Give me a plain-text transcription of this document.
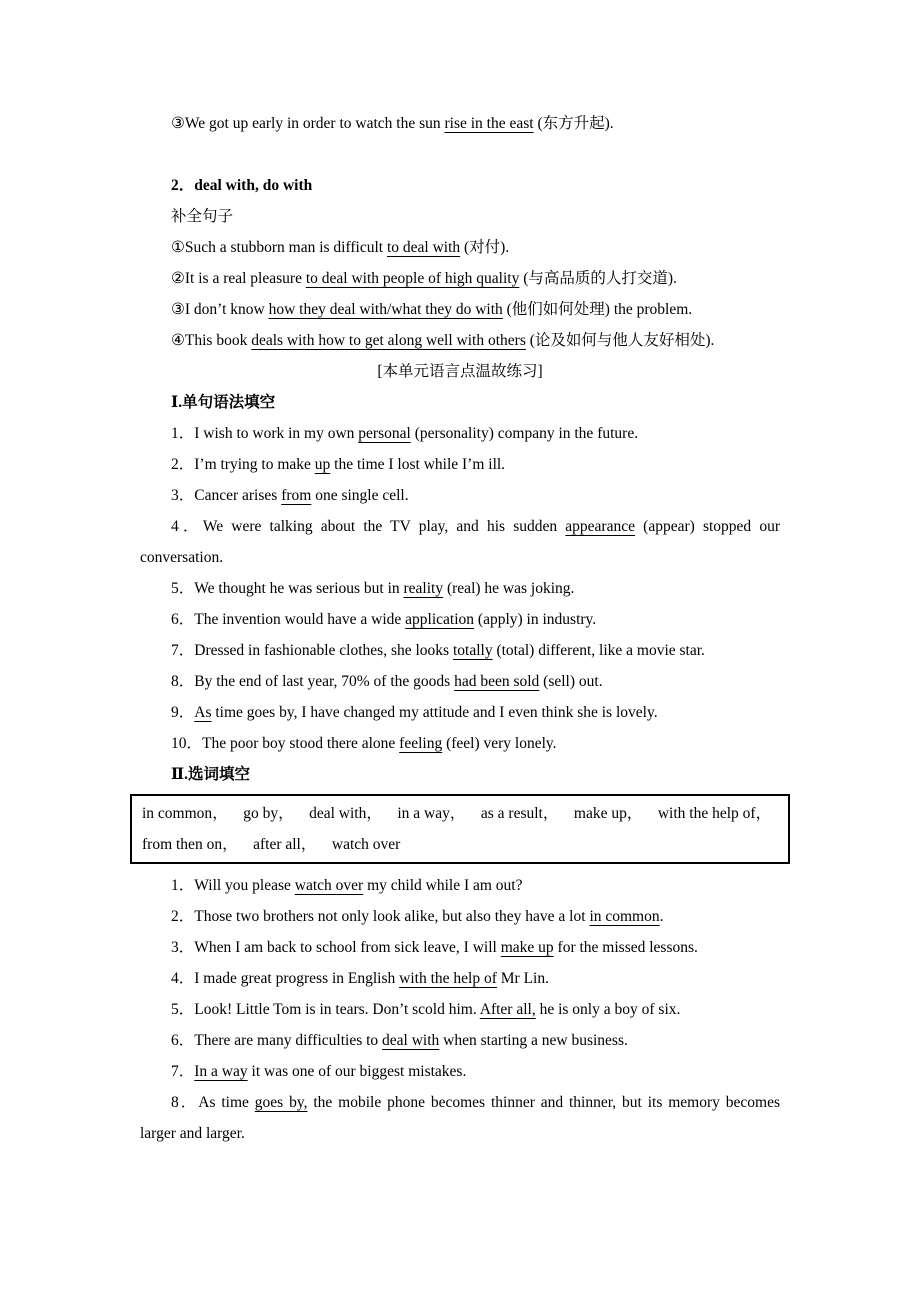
③We got up early in order to watch the sun rise in the east (东方升起).

2．deal with, do with

补全句子

①Such a stubborn man is difficult to deal with (对付).

②It is a real pleasure to deal with people of high quality (与高品质的人打交道).

③I don’t know how they deal with/what they do with (他们如何处理) the problem.

④This book deals with how to get along well with others (论及如何与他人友好相处).

[本单元语言点温故练习]

Ⅰ.单句语法填空

1．I wish to work in my own personal (personality) company in the future.

2．I’m trying to make up the time I lost while I’m ill.

3．Cancer arises from one single cell.

4．We were talking about the TV play, and his sudden appearance (appear) stopped our conversation.

5．We thought he was serious but in reality (real) he was joking.

6．The invention would have a wide application (apply) in industry.

7．Dressed in fashionable clothes, she looks totally (total) different, like a movie star.

8．By the end of last year, 70% of the goods had been sold (sell) out.

9．As time goes by, I have changed my attitude and I even think she is lovely.

10．The poor boy stood there alone feeling (feel) very lonely.

Ⅱ.选词填空

in common，    go by，    deal with，    in a way，    as a result，    make up，    with the help of，    from then on，    after all，    watch over

1．Will you please watch over my child while I am out?

2．Those two brothers not only look alike, but also they have a lot in common.

3．When I am back to school from sick leave, I will make up for the missed lessons.

4．I made great progress in English with the help of Mr Lin.

5．Look! Little Tom is in tears. Don’t scold him. After all, he is only a boy of six.

6．There are many difficulties to deal with when starting a new business.

7．In a way it was one of our biggest mistakes.

8．As time goes by, the mobile phone becomes thinner and thinner, but its memory becomes larger and larger.
